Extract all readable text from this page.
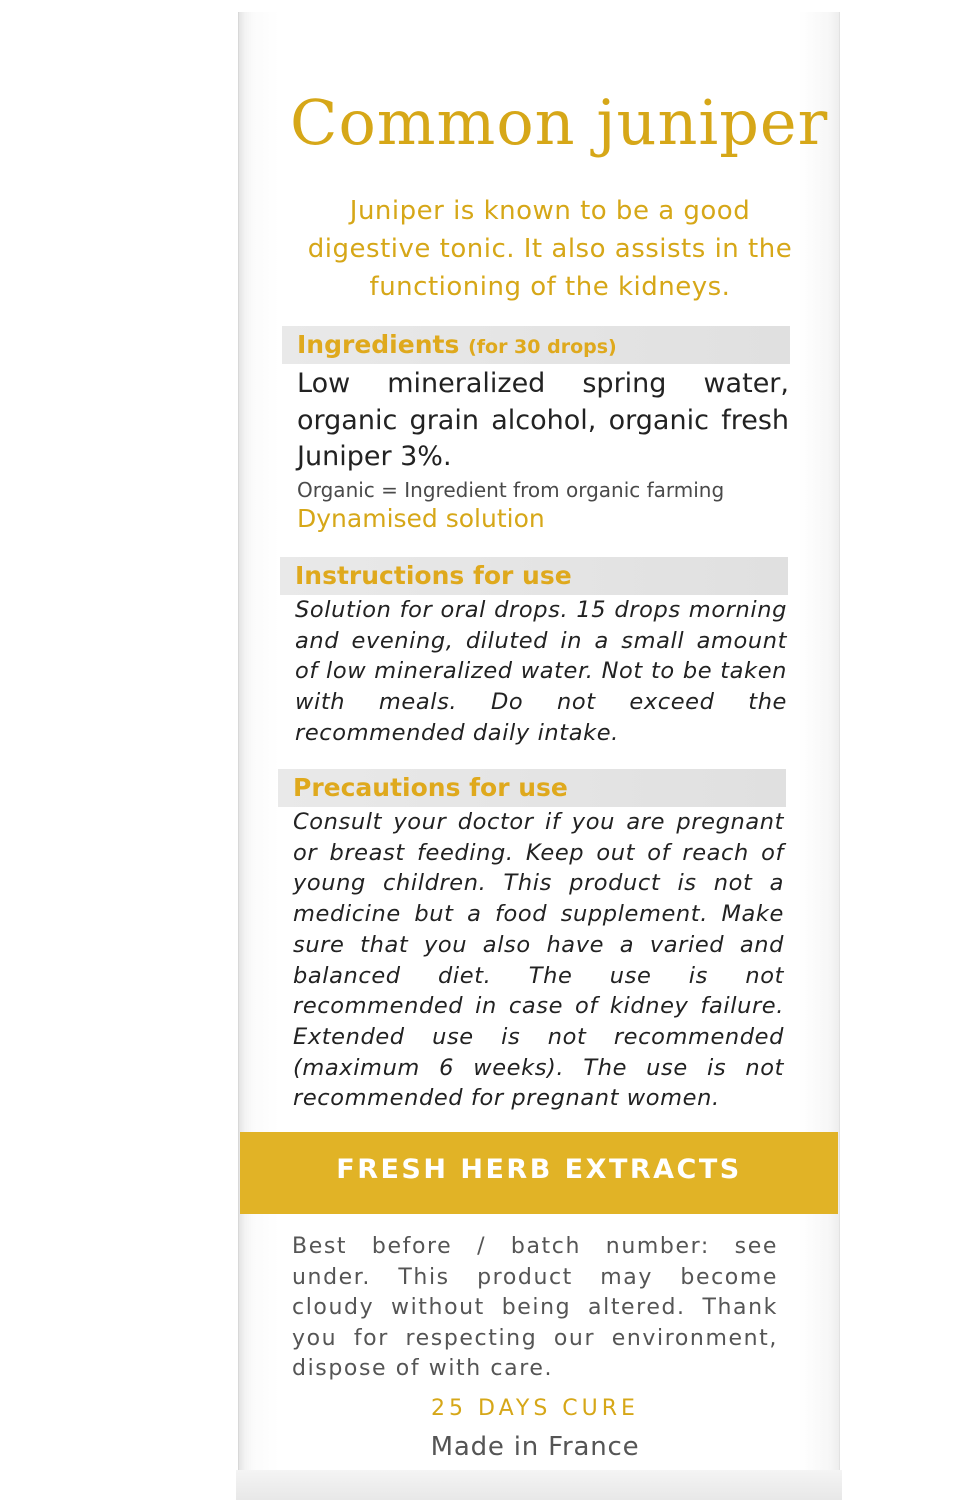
Common juniper
Juniper is known to be a good digestive tonic. It also assists in the functioning of the kidneys.
Ingredients (for 30 drops)
Low mineralized spring water, organic grain alcohol, organic fresh Juniper 3%.
Organic = Ingredient from organic farming
Dynamised solution
Instructions for use
Solution for oral drops. 15 drops morning and evening, diluted in a small amount of low mineralized water. Not to be taken with meals. Do not exceed the recommended daily intake.
Precautions for use
Consult your doctor if you are pregnant or breast feeding. Keep out of reach of young children. This product is not a medicine but a food supplement. Make sure that you also have a varied and balanced diet. The use is not recommended in case of kidney failure. Extended use is not recommended (maximum 6 weeks). The use is not recommended for pregnant women.
FRESH HERB EXTRACTS
Best before / batch number: see under. This product may become cloudy without being altered. Thank you for respecting our environment, dispose of with care.
25 DAYS CURE
Made in France
